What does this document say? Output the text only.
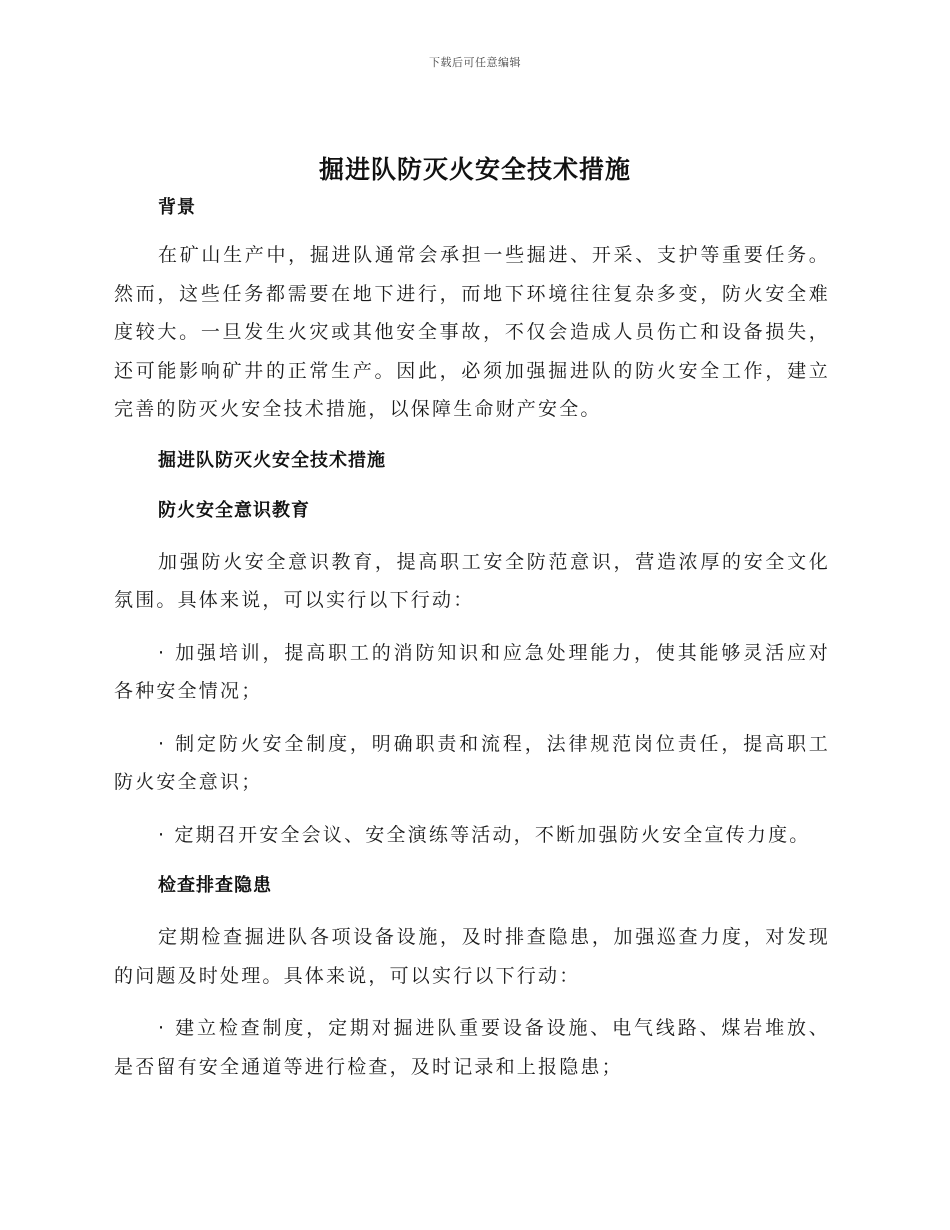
下载后可任意编辑
掘进队防灭火安全技术措施

背景

在矿山生产中，掘进队通常会承担一些掘进、开采、支护等重要任务。然而，这些任务都需要在地下进行，而地下环境往往复杂多变，防火安全难度较大。一旦发生火灾或其他安全事故，不仅会造成人员伤亡和设备损失，还可能影响矿井的正常生产。因此，必须加强掘进队的防火安全工作，建立完善的防灭火安全技术措施，以保障生命财产安全。

掘进队防灭火安全技术措施

防火安全意识教育

加强防火安全意识教育，提高职工安全防范意识，营造浓厚的安全文化氛围。具体来说，可以实行以下行动：

· 加强培训，提高职工的消防知识和应急处理能力，使其能够灵活应对各种安全情况；

· 制定防火安全制度，明确职责和流程，法律规范岗位责任，提高职工防火安全意识；

· 定期召开安全会议、安全演练等活动，不断加强防火安全宣传力度。

检查排查隐患

定期检查掘进队各项设备设施，及时排查隐患，加强巡查力度，对发现的问题及时处理。具体来说，可以实行以下行动：

· 建立检查制度，定期对掘进队重要设备设施、电气线路、煤岩堆放、是否留有安全通道等进行检查，及时记录和上报隐患；
